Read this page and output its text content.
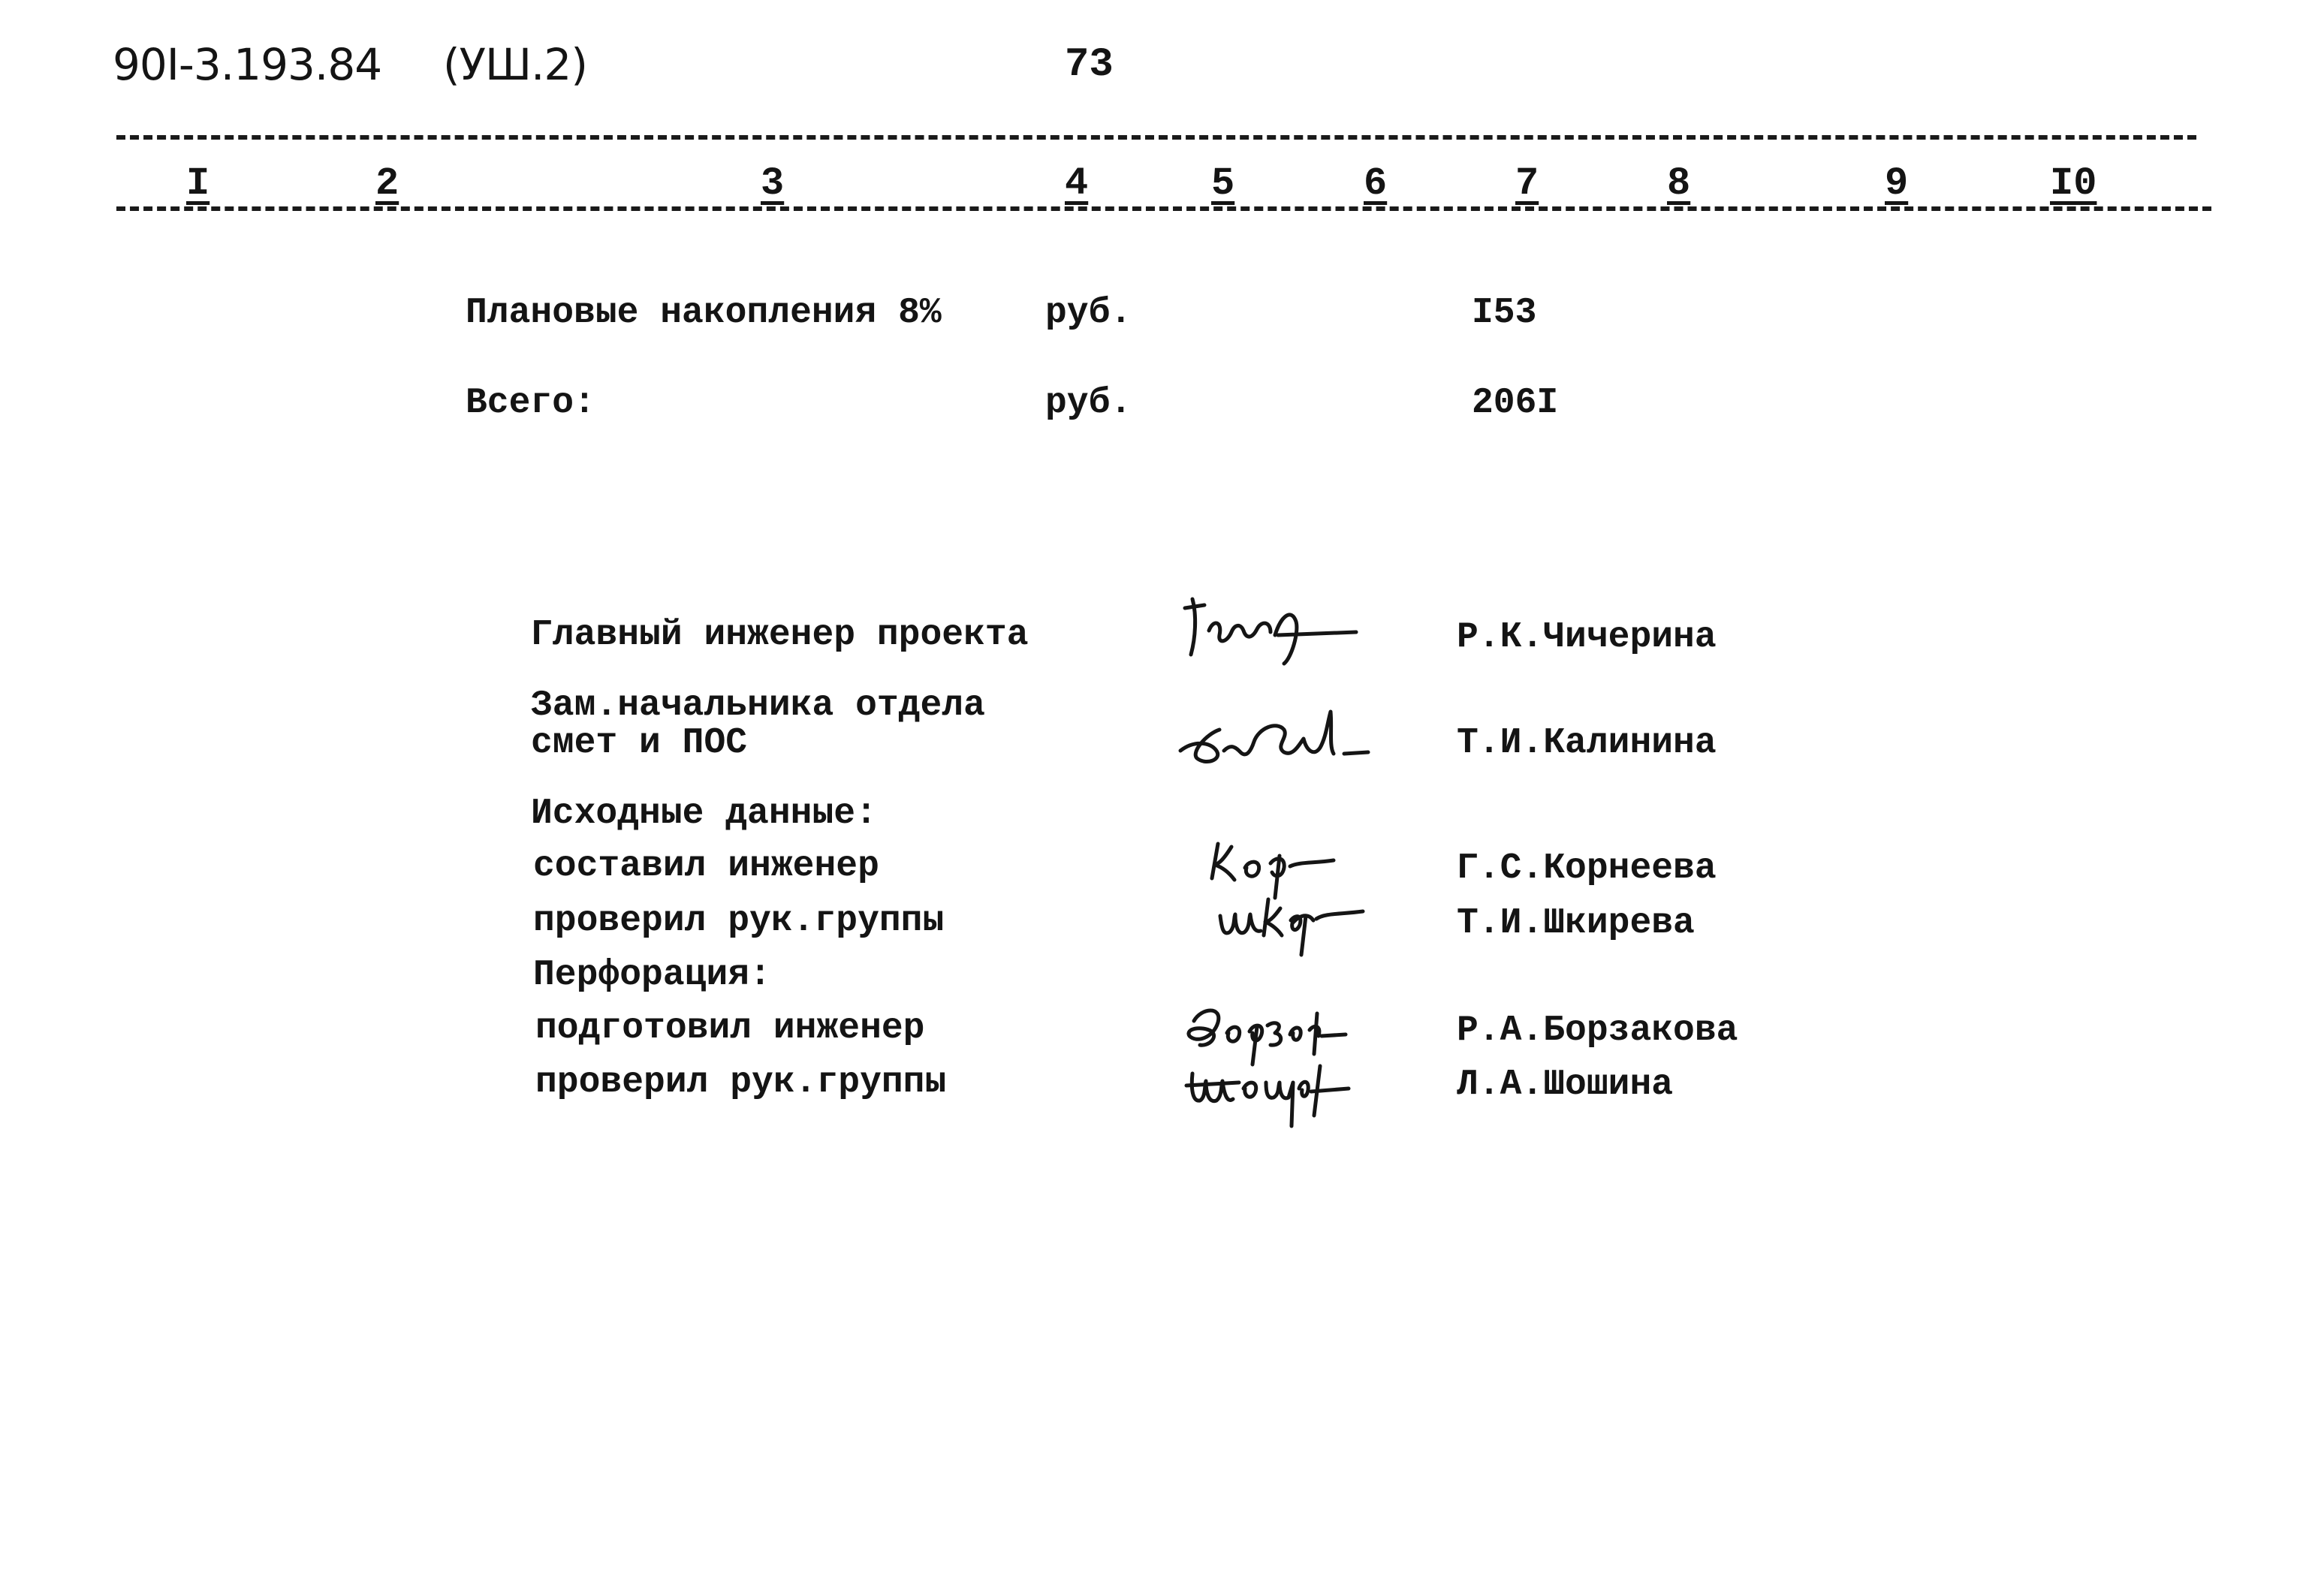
90I-3.193.84 (УШ.2)	73
I	2	3	4	5	6	7	8	9	I0
Плановые накопления 8%	руб.	I53
Всего:	руб.	206I
Главный инженер проекта	Р.К.Чичерина
Зам.начальника отдела
смет и ПОС	Т.И.Калинина
Исходные данные:
составил инженер	Г.С.Корнеева
проверил рук.группы	Т.И.Шкирева
Перфорация:
подготовил инженер	Р.А.Борзакова
проверил рук.группы	Л.А.Шошина
